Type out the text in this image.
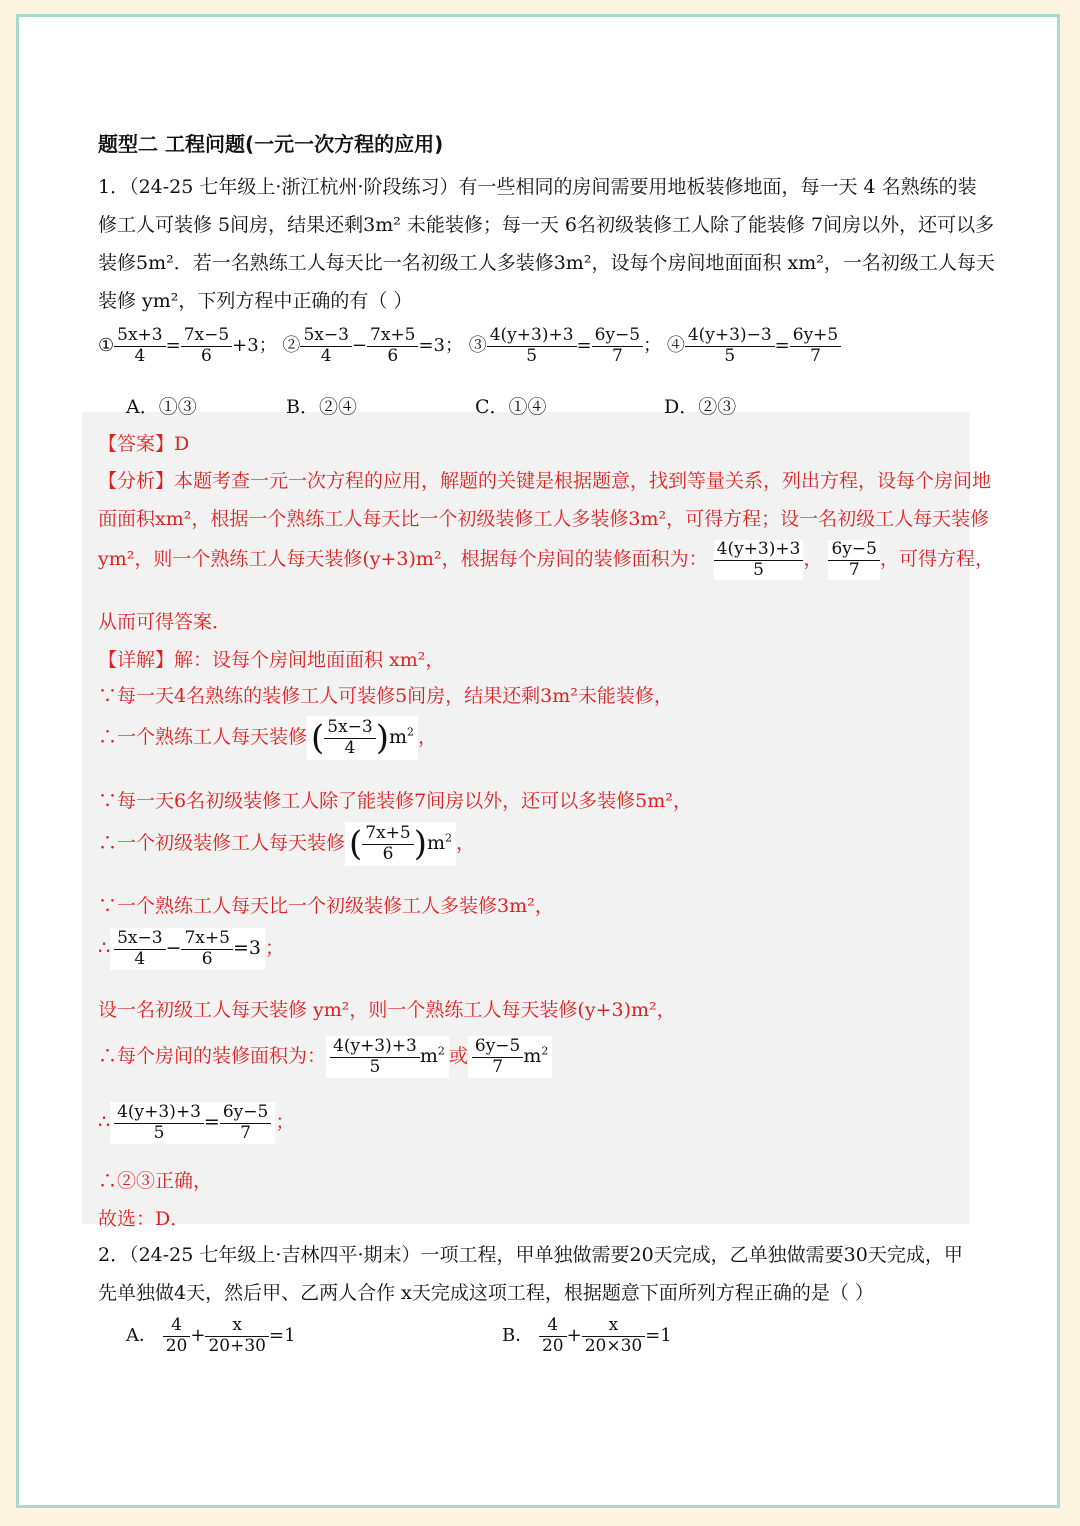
题型二 工程问题(一元一次方程的应用)
1．（24-25 七年级上·浙江杭州·阶段练习）有一些相同的房间需要用地板装修地面，每一天 4 名熟练的装
修工人可装修 5间房，结果还剩3m² 未能装修；每一天 6名初级装修工人除了能装修 7间房以外，还可以多
装修5m²．若一名熟练工人每天比一名初级工人多装修3m²，设每个房间地面面积 xm²，一名初级工人每天
装修 ym²，下列方程中正确的有（ ）
① $\frac{5x+3}{4} = \frac{7x-5}{6} +3$； ② $\frac{5x-3}{4} - \frac{7x+5}{6} =3$； ③ $\frac{4(y+3)+3}{5} = \frac{6y-5}{7}$ ； ④ $\frac{4(y+3)-3}{5} = \frac{6y+5}{7}$
A．①③	B．②④	C．①④	D．②③
【答案】D
【分析】本题考查一元一次方程的应用，解题的关键是根据题意，找到等量关系，列出方程，设每个房间地
面面积xm²，根据一个熟练工人每天比一个初级装修工人多装修3m²，可得方程；设一名初级工人每天装修
ym²，则一个熟练工人每天装修(y+3)m²，根据每个房间的装修面积为： $\frac{4(y+3)+3}{5}$ ， $\frac{6y-5}{7}$ ，可得方程，
从而可得答案．
【详解】解：设每个房间地面面积 xm²，
∵每一天4名熟练的装修工人可装修5间房，结果还剩3m²未能装修，
∴一个熟练工人每天装修 ( $\frac{5x-3}{4} )m^2$ ，
∵每一天6名初级装修工人除了能装修7间房以外，还可以多装修5m²，
∴一个初级装修工人每天装修 ( $\frac{7x+5}{6} )m^2$ ，
∵一个熟练工人每天比一个初级装修工人多装修3m²，
∴ $\frac{5x-3}{4} - \frac{7x+5}{6} =3$ ；
设一名初级工人每天装修 ym²，则一个熟练工人每天装修(y+3)m²，
∴每个房间的装修面积为： $\frac{4(y+3)+3}{5} m^2$ 或 $\frac{6y-5}{7} m^2$
∴ $\frac{4(y+3)+3}{5} = \frac{6y-5}{7}$ ；
∴②③正确，
故选：D．
2．（24-25 七年级上·吉林四平·期末）一项工程，甲单独做需要20天完成，乙单独做需要30天完成，甲
先单独做4天，然后甲、乙两人合作 x天完成这项工程，根据题意下面所列方程正确的是（ ）
A． $\frac{4}{20} + \frac{x}{20+30} =1$	B． $\frac{4}{20} + \frac{x}{20\times 30} =1$
